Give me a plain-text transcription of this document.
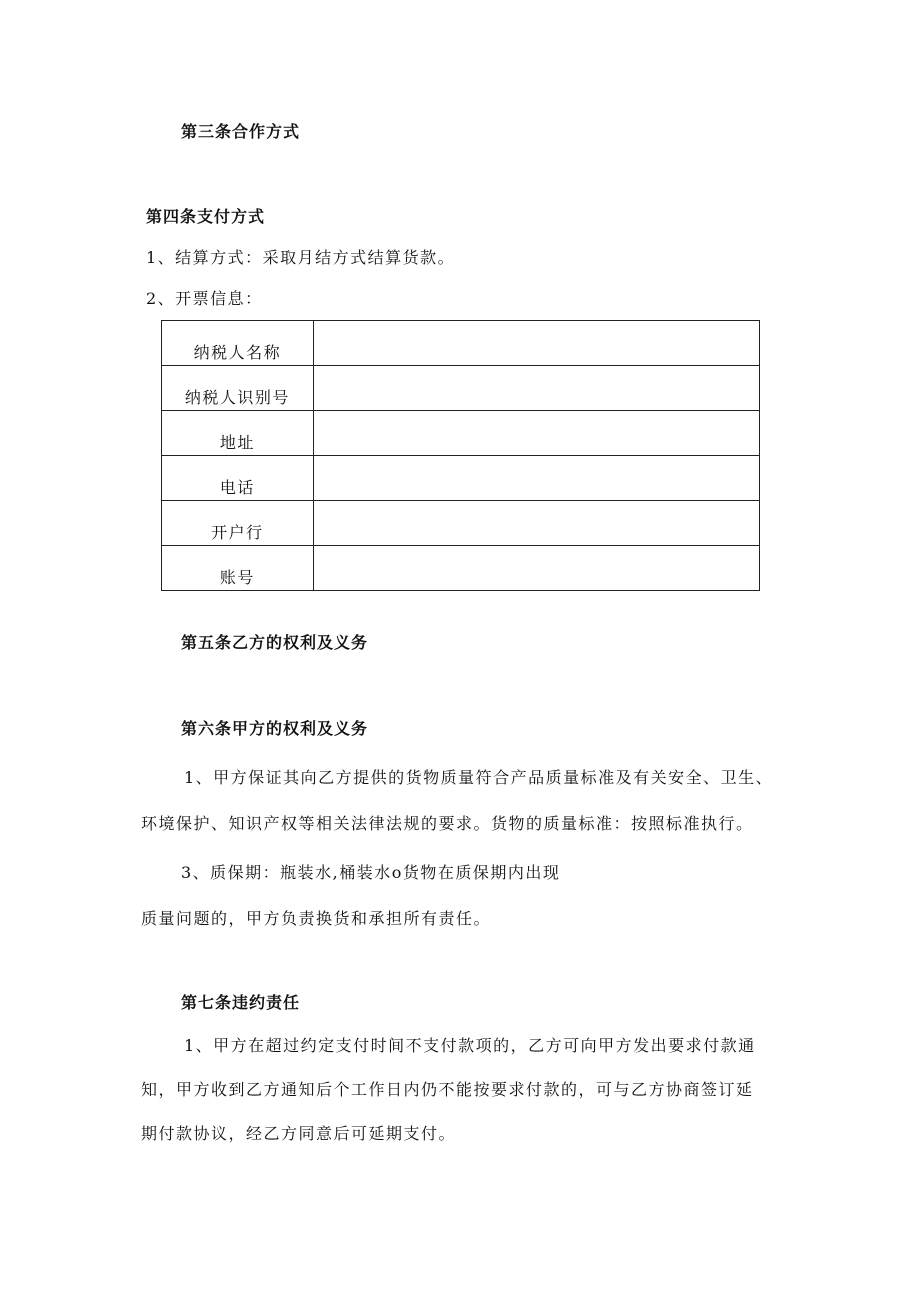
第三条合作方式
第四条支付方式
1、结算方式：采取月结方式结算货款。
2、开票信息：
纳税人名称	
纳税人识别号	
地址	
电话	
开户行	
账号	
第五条乙方的权利及义务
第六条甲方的权利及义务
1、甲方保证其向乙方提供的货物质量符合产品质量标准及有关安全、卫生、
环境保护、知识产权等相关法律法规的要求。货物的质量标准：按照标准执行。
3、质保期：瓶装水,桶装水o货物在质保期内出现
质量问题的，甲方负责换货和承担所有责任。
第七条违约责任
1、甲方在超过约定支付时间不支付款项的，乙方可向甲方发出要求付款通
知，甲方收到乙方通知后个工作日内仍不能按要求付款的，可与乙方协商签订延
期付款协议，经乙方同意后可延期支付。
